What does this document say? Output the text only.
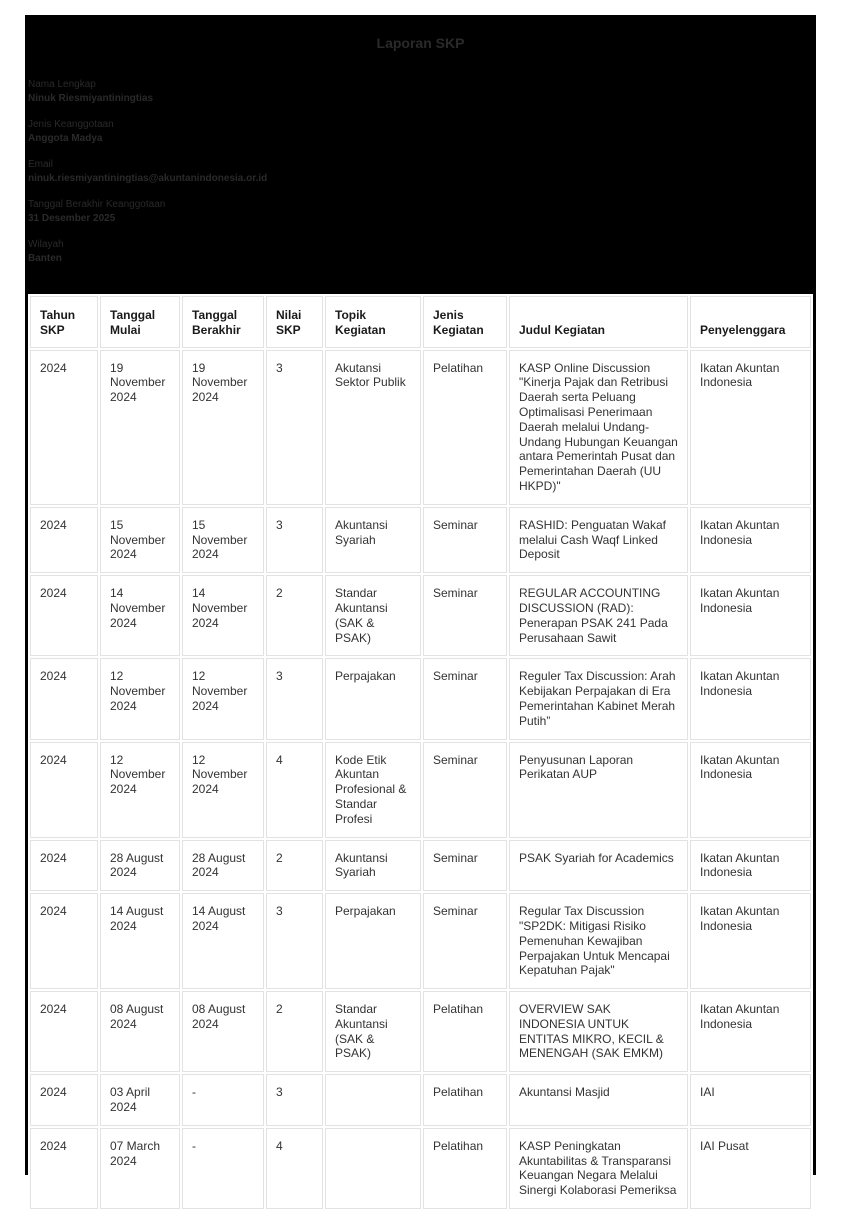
Laporan SKP
Nama Lengkap
Ninuk Riesmiyantiningtias
Jenis Keanggotaan
Anggota Madya
Email
ninuk.riesmiyantiningtias@akuntanindonesia.or.id
Tanggal Berakhir Keanggotaan
31 Desember 2025
Wilayah
Banten
Tahun SKP	Tanggal Mulai	Tanggal Berakhir	Nilai SKP	Topik Kegiatan	Jenis Kegiatan	Judul Kegiatan	Penyelenggara
2024	19 November 2024	19 November 2024	3	Akutansi Sektor Publik	Pelatihan	KASP Online Discussion "Kinerja Pajak dan Retribusi Daerah serta Peluang Optimalisasi Penerimaan Daerah melalui Undang-Undang Hubungan Keuangan antara Pemerintah Pusat dan Pemerintahan Daerah (UU HKPD)"	Ikatan Akuntan Indonesia
2024	15 November 2024	15 November 2024	3	Akuntansi Syariah	Seminar	RASHID: Penguatan Wakaf melalui Cash Waqf Linked Deposit	Ikatan Akuntan Indonesia
2024	14 November 2024	14 November 2024	2	Standar Akuntansi (SAK & PSAK)	Seminar	REGULAR ACCOUNTING DISCUSSION (RAD): Penerapan PSAK 241 Pada Perusahaan Sawit	Ikatan Akuntan Indonesia
2024	12 November 2024	12 November 2024	3	Perpajakan	Seminar	Reguler Tax Discussion: Arah Kebijakan Perpajakan di Era Pemerintahan Kabinet Merah Putih”	Ikatan Akuntan Indonesia
2024	12 November 2024	12 November 2024	4	Kode Etik Akuntan Profesional & Standar Profesi	Seminar	Penyusunan Laporan Perikatan AUP	Ikatan Akuntan Indonesia
2024	28 August 2024	28 August 2024	2	Akuntansi Syariah	Seminar	PSAK Syariah for Academics	Ikatan Akuntan Indonesia
2024	14 August 2024	14 August 2024	3	Perpajakan	Seminar	Regular Tax Discussion "SP2DK: Mitigasi Risiko Pemenuhan Kewajiban Perpajakan Untuk Mencapai Kepatuhan Pajak"	Ikatan Akuntan Indonesia
2024	08 August 2024	08 August 2024	2	Standar Akuntansi (SAK & PSAK)	Pelatihan	OVERVIEW SAK INDONESIA UNTUK ENTITAS MIKRO, KECIL & MENENGAH (SAK EMKM)	Ikatan Akuntan Indonesia
2024	03 April 2024	-	3		Pelatihan	Akuntansi Masjid	IAI
2024	07 March 2024	-	4		Pelatihan	KASP Peningkatan Akuntabilitas & Transparansi Keuangan Negara Melalui Sinergi Kolaborasi Pemeriksa	IAI Pusat
